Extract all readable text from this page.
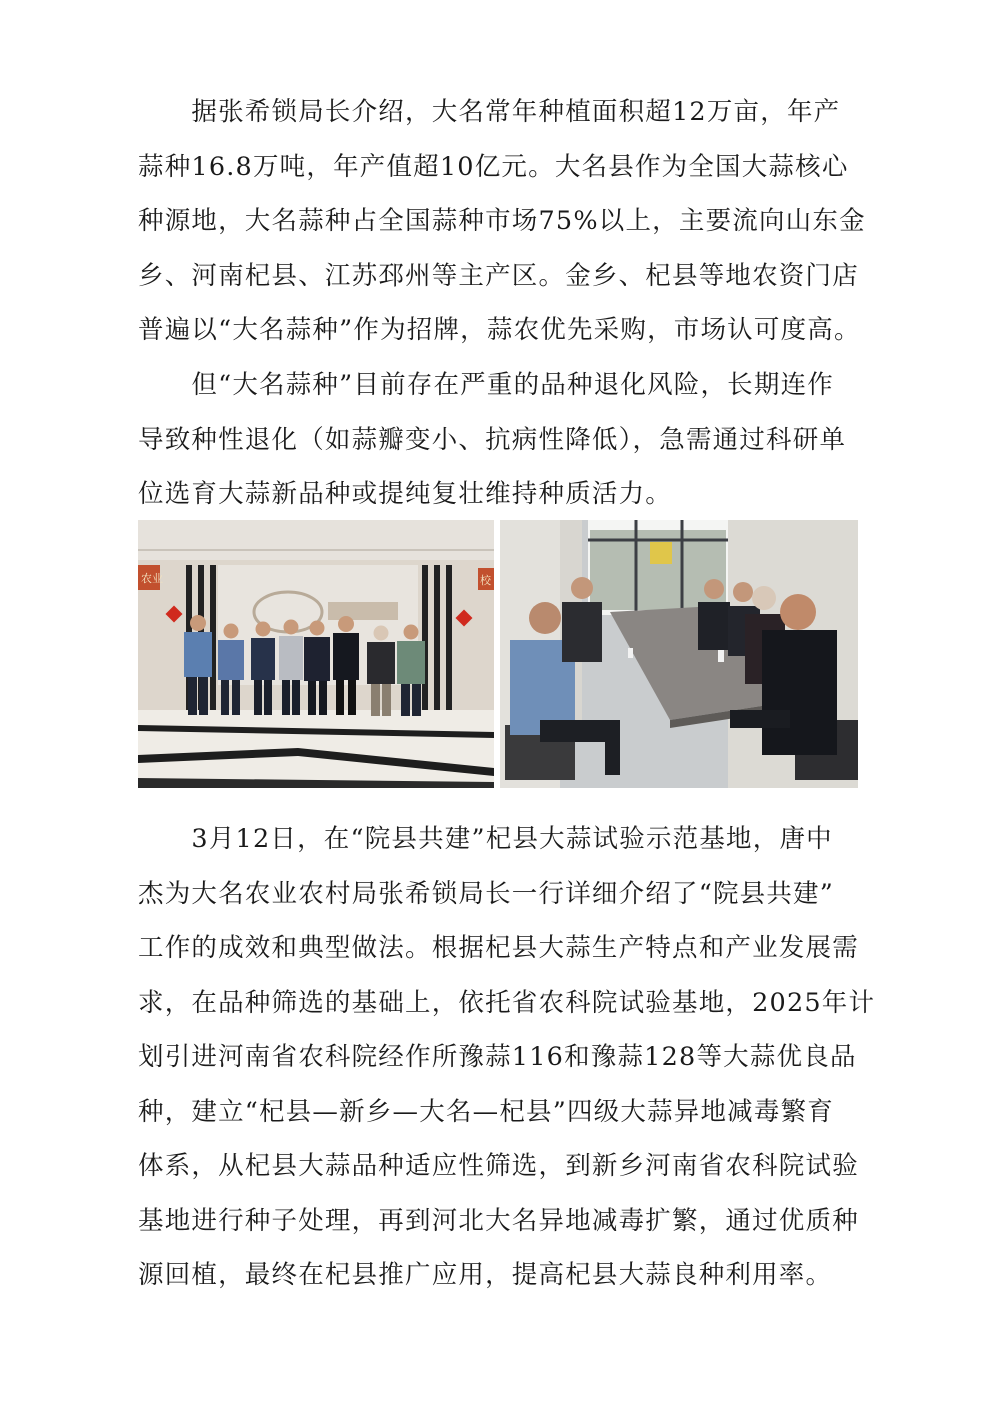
　　据张希锁局长介绍，大名常年种植面积超12万亩，年产
蒜种16.8万吨，年产值超10亿元。大名县作为全国大蒜核心
种源地，大名蒜种占全国蒜种市场75%以上，主要流向山东金
乡、河南杞县、江苏邳州等主产区。金乡、杞县等地农资门店
普遍以“大名蒜种”作为招牌，蒜农优先采购，市场认可度高。
　　但“大名蒜种”目前存在严重的品种退化风险，长期连作
导致种性退化（如蒜瓣变小、抗病性降低），急需通过科研单
位选育大蒜新品种或提纯复壮维持种质活力。
农业	校
　　3月12日，在“院县共建”杞县大蒜试验示范基地，唐中
杰为大名农业农村局张希锁局长一行详细介绍了“院县共建”
工作的成效和典型做法。根据杞县大蒜生产特点和产业发展需
求，在品种筛选的基础上，依托省农科院试验基地，2025年计
划引进河南省农科院经作所豫蒜116和豫蒜128等大蒜优良品
种，建立“杞县—新乡—大名—杞县”四级大蒜异地减毒繁育
体系，从杞县大蒜品种适应性筛选，到新乡河南省农科院试验
基地进行种子处理，再到河北大名异地减毒扩繁，通过优质种
源回植，最终在杞县推广应用，提高杞县大蒜良种利用率。
